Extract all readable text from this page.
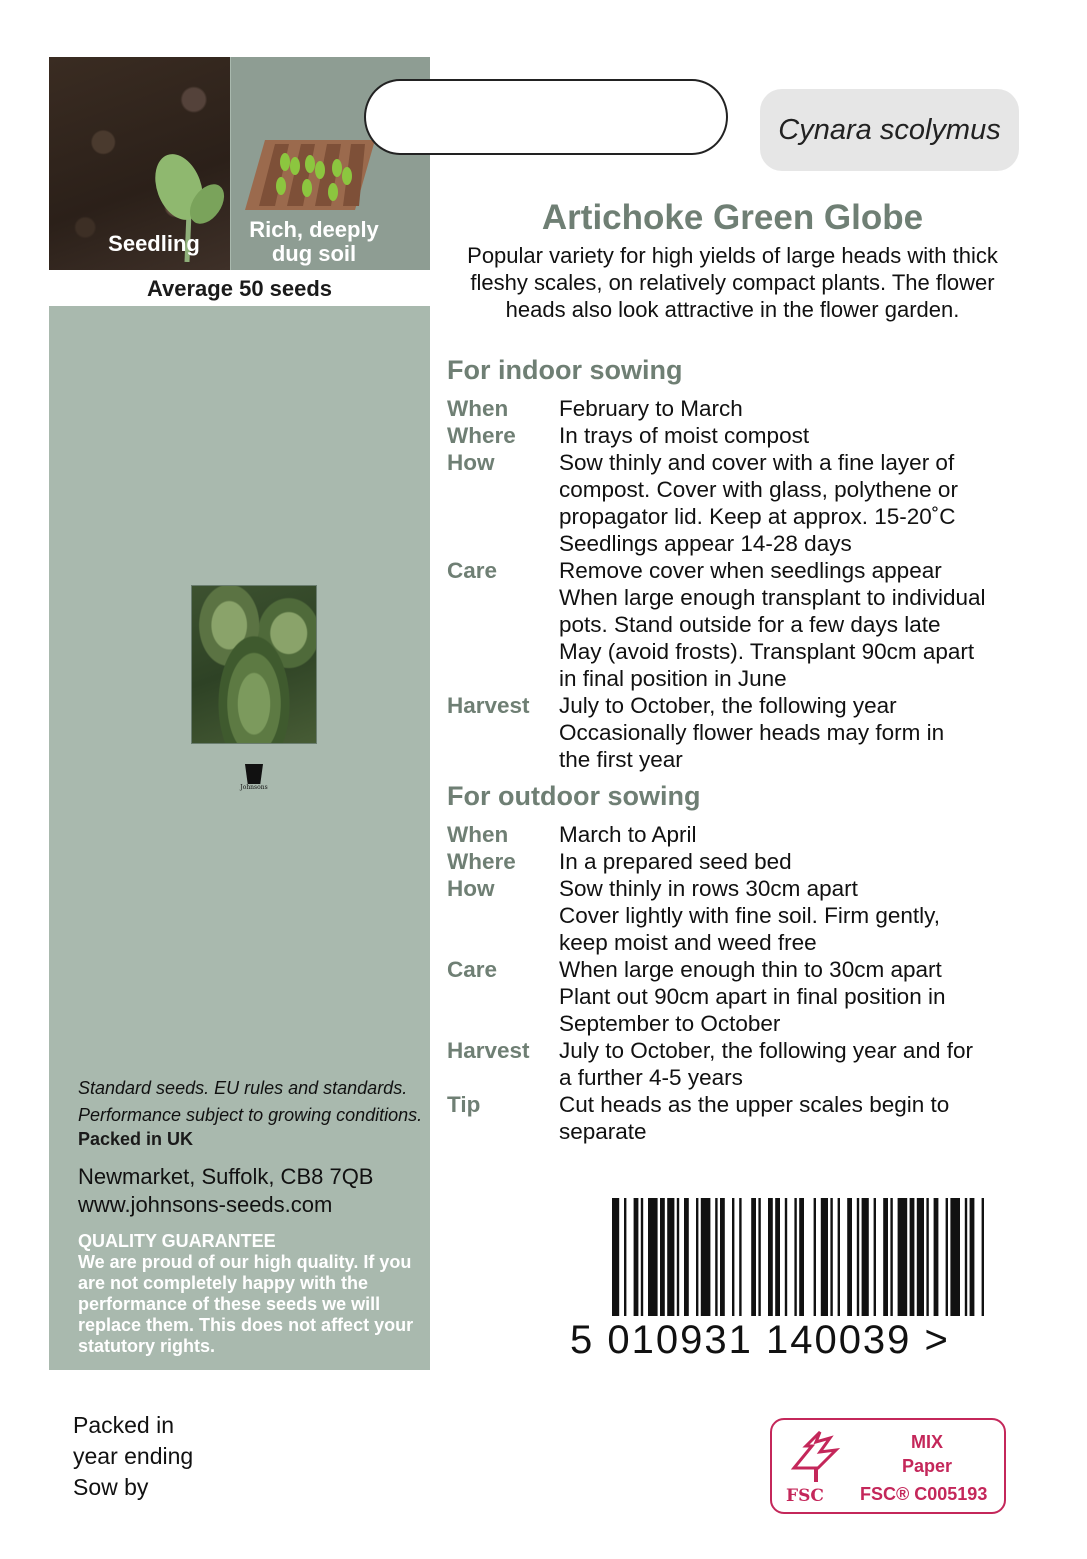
Seedling
Rich, deeply dug soil
Average 50 seeds
Johnsons
Standard seeds. EU rules and standards.
Performance subject to growing conditions.
Packed in UK
Newmarket, Suffolk, CB8 7QB
www.johnsons-seeds.com
QUALITY GUARANTEE
We are proud of our high quality. If you are not completely happy with the performance of these seeds we will replace them. This does not affect your statutory rights.
Packed in
year ending
Sow by
Cynara scolymus
Artichoke Green Globe
Popular variety for high yields of large heads with thick fleshy scales, on relatively compact plants. The flower heads also look attractive in the flower garden.
For indoor sowing
When	February to March
Where	In trays of moist compost
How	Sow thinly and cover with a fine layer of
compost. Cover with glass, polythene or
propagator lid. Keep at approx. 15-20˚C
Seedlings appear 14-28 days
Care	Remove cover when seedlings appear
When large enough transplant to individual
pots. Stand outside for a few days late
May (avoid frosts). Transplant 90cm apart
in final position in June
Harvest	July to October, the following year
Occasionally flower heads may form in
the first year
For outdoor sowing
When	March to April
Where	In a prepared seed bed
How	Sow thinly in rows 30cm apart
Cover lightly with fine soil. Firm gently,
keep moist and weed free
Care	When large enough thin to 30cm apart
Plant out 90cm apart in final position in
September to October
Harvest	July to October, the following year and for
a further 4-5 years
Tip	Cut heads as the upper scales begin to
separate
5 010931 140039 >
FSC
MIX
Paper
FSC® C005193
